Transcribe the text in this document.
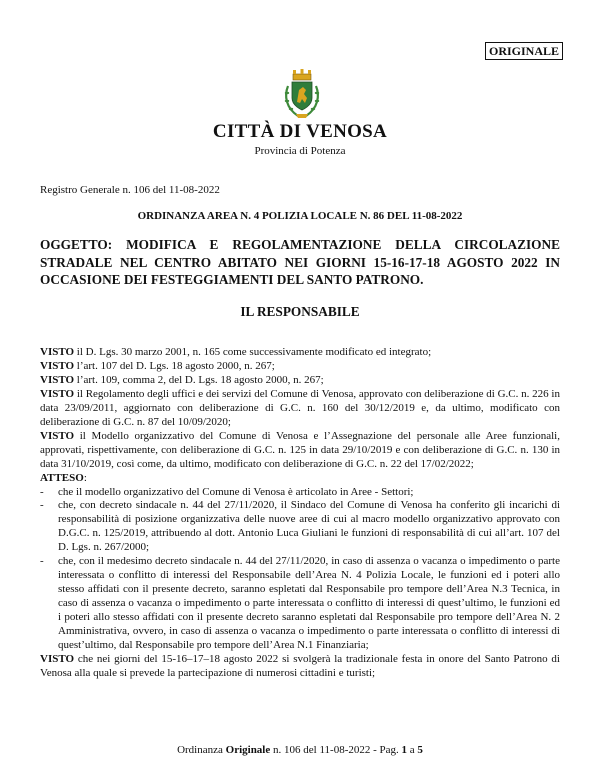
ORIGINALE
CITTÀ DI VENOSA
Provincia di Potenza
Registro Generale n. 106 del 11-08-2022
ORDINANZA AREA N. 4 POLIZIA LOCALE N. 86 DEL 11-08-2022
OGGETTO: MODIFICA E REGOLAMENTAZIONE DELLA CIRCOLAZIONE STRADALE NEL CENTRO ABITATO NEI GIORNI 15-16-17-18 AGOSTO 2022 IN OCCASIONE DEI FESTEGGIAMENTI DEL SANTO PATRONO.
IL RESPONSABILE

VISTO il D. Lgs. 30 marzo 2001, n. 165 come successivamente modificato ed integrato;

VISTO l’art. 107 del D. Lgs. 18 agosto 2000, n. 267;

VISTO l’art. 109, comma 2, del D. Lgs. 18 agosto 2000, n. 267;

VISTO il Regolamento degli uffici e dei servizi del Comune di Venosa, approvato con deliberazione di G.C. n. 226 in data 23/09/2011, aggiornato con deliberazione di G.C. n. 160 del 30/12/2019 e, da ultimo, modificato con deliberazione di G.C. n. 87 del 10/09/2020;

VISTO il Modello organizzativo del Comune di Venosa e l’Assegnazione del personale alle Aree funzionali, approvati, rispettivamente, con deliberazione di G.C. n. 125 in data 29/10/2019 e con deliberazione di G.C. n. 130 in data 31/10/2019, così come, da ultimo, modificato con deliberazione di G.C. n. 22 del 17/02/2022;

ATTESO:

- che il modello organizzativo del Comune di Venosa è articolato in Aree - Settori;

- che, con decreto sindacale n. 44 del 27/11/2020, il Sindaco del Comune di Venosa ha conferito gli incarichi di responsabilità di posizione organizzativa delle nuove aree di cui al macro modello organizzativo approvato con D.G.C. n. 125/2019, attribuendo al dott. Antonio Luca Giuliani le funzioni di responsabilità di cui all’art. 107 del D. Lgs. n. 267/2000;

- che, con il medesimo decreto sindacale n. 44 del 27/11/2020, in caso di assenza o vacanza o impedimento o parte interessata o conflitto di interessi del Responsabile dell’Area N. 4 Polizia Locale, le funzioni ed i poteri allo stesso affidati con il presente decreto, saranno espletati dal Responsabile pro tempore dell’Area N.3 Tecnica, in caso di assenza o vacanza o impedimento o parte interessata o conflitto di interessi di quest’ultimo, le funzioni ed i poteri allo stesso affidati con il presente decreto saranno espletati dal Responsabile pro tempore dell’Area N. 2 Amministrativa, ovvero, in caso di assenza o vacanza o impedimento o parte interessata o conflitto di interessi di quest’ultimo, dal Responsabile pro tempore dell’Area N.1 Finanziaria;

VISTO che nei giorni del 15-16–17–18 agosto 2022 si svolgerà la tradizionale festa in onore del Santo Patrono di Venosa alla quale si prevede la partecipazione di numerosi cittadini e turisti;

Ordinanza Originale n. 106 del 11-08-2022 - Pag. 1 a 5
